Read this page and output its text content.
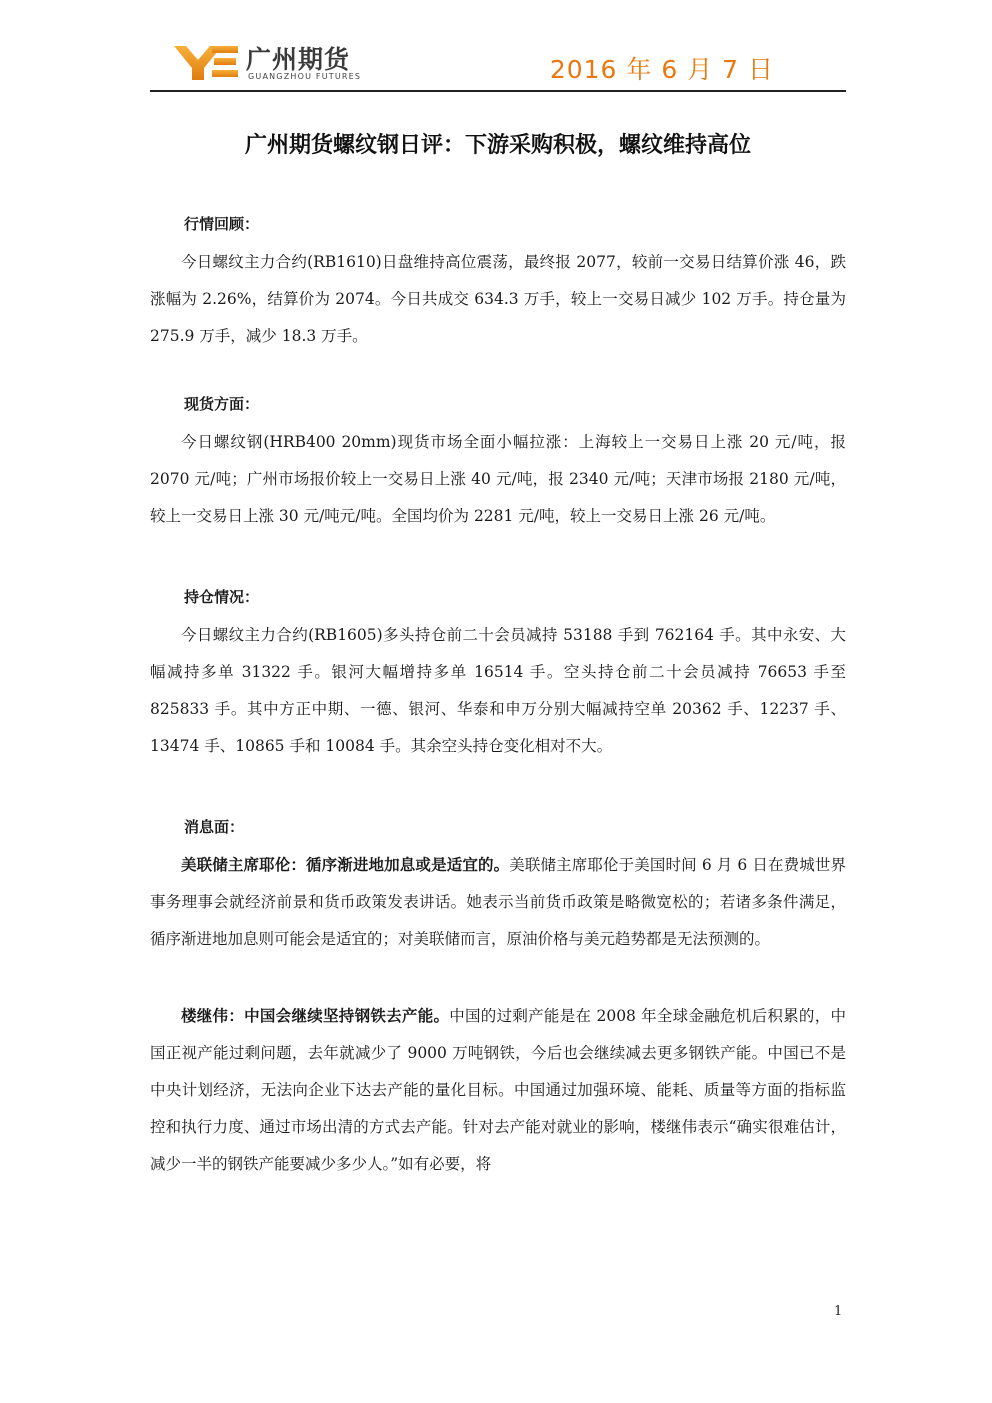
广州期货
GUANGZHOU FUTURES	2016 年 6 月 7 日
广州期货螺纹钢日评：下游采购积极，螺纹维持高位

行情回顾：

今日螺纹主力合约(RB1610)日盘维持高位震荡，最终报 2077，较前一交易日结算价涨 46，跌涨幅为 2.26%，结算价为 2074。今日共成交 634.3 万手，较上一交易日减少 102 万手。持仓量为 275.9 万手，减少 18.3 万手。

现货方面：

今日螺纹钢(HRB400 20mm)现货市场全面小幅拉涨：上海较上一交易日上涨 20 元/吨，报 2070 元/吨；广州市场报价较上一交易日上涨 40 元/吨，报 2340 元/吨；天津市场报 2180 元/吨，较上一交易日上涨 30 元/吨元/吨。全国均价为 2281 元/吨，较上一交易日上涨 26 元/吨。

持仓情况：

今日螺纹主力合约(RB1605)多头持仓前二十会员减持 53188 手到 762164 手。其中永安、大幅减持多单 31322 手。银河大幅增持多单 16514 手。空头持仓前二十会员减持 76653 手至 825833 手。其中方正中期、一德、银河、华泰和申万分别大幅减持空单 20362 手、12237 手、13474 手、10865 手和 10084 手。其余空头持仓变化相对不大。

消息面：

美联储主席耶伦：循序渐进地加息或是适宜的。美联储主席耶伦于美国时间 6 月 6 日在费城世界事务理事会就经济前景和货币政策发表讲话。她表示当前货币政策是略微宽松的；若诸多条件满足，循序渐进地加息则可能会是适宜的；对美联储而言，原油价格与美元趋势都是无法预测的。

楼继伟：中国会继续坚持钢铁去产能。中国的过剩产能是在 2008 年全球金融危机后积累的，中国正视产能过剩问题，去年就减少了 9000 万吨钢铁，今后也会继续减去更多钢铁产能。中国已不是中央计划经济，无法向企业下达去产能的量化目标。中国通过加强环境、能耗、质量等方面的指标监控和执行力度、通过市场出清的方式去产能。针对去产能对就业的影响，楼继伟表示“确实很难估计，减少一半的钢铁产能要减少多少人。”如有必要，将

1
